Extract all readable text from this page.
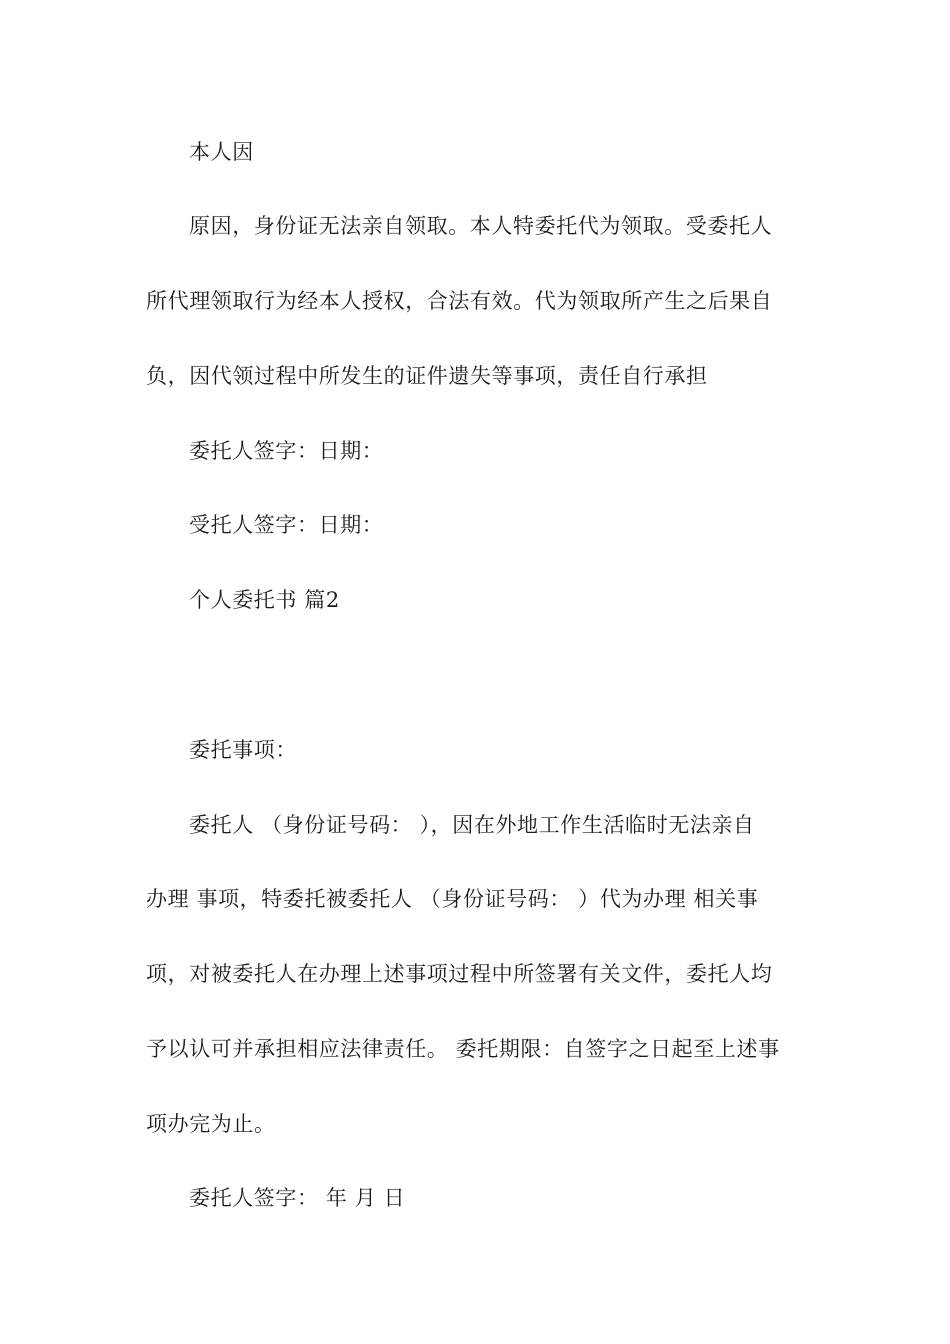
本人因
原因，身份证无法亲自领取。本人特委托代为领取。受委托人
所代理领取行为经本人授权，合法有效。代为领取所产生之后果自
负，因代领过程中所发生的证件遗失等事项，责任自行承担
委托人签字：日期：
受托人签字：日期：
个人委托书 篇2
委托事项：
委托人 （身份证号码： ），因在外地工作生活临时无法亲自
办理 事项，特委托被委托人 （身份证号码： ）代为办理 相关事
项，对被委托人在办理上述事项过程中所签署有关文件，委托人均
予以认可并承担相应法律责任。 委托期限：自签字之日起至上述事
项办完为止。
委托人签字： 年 月 日
